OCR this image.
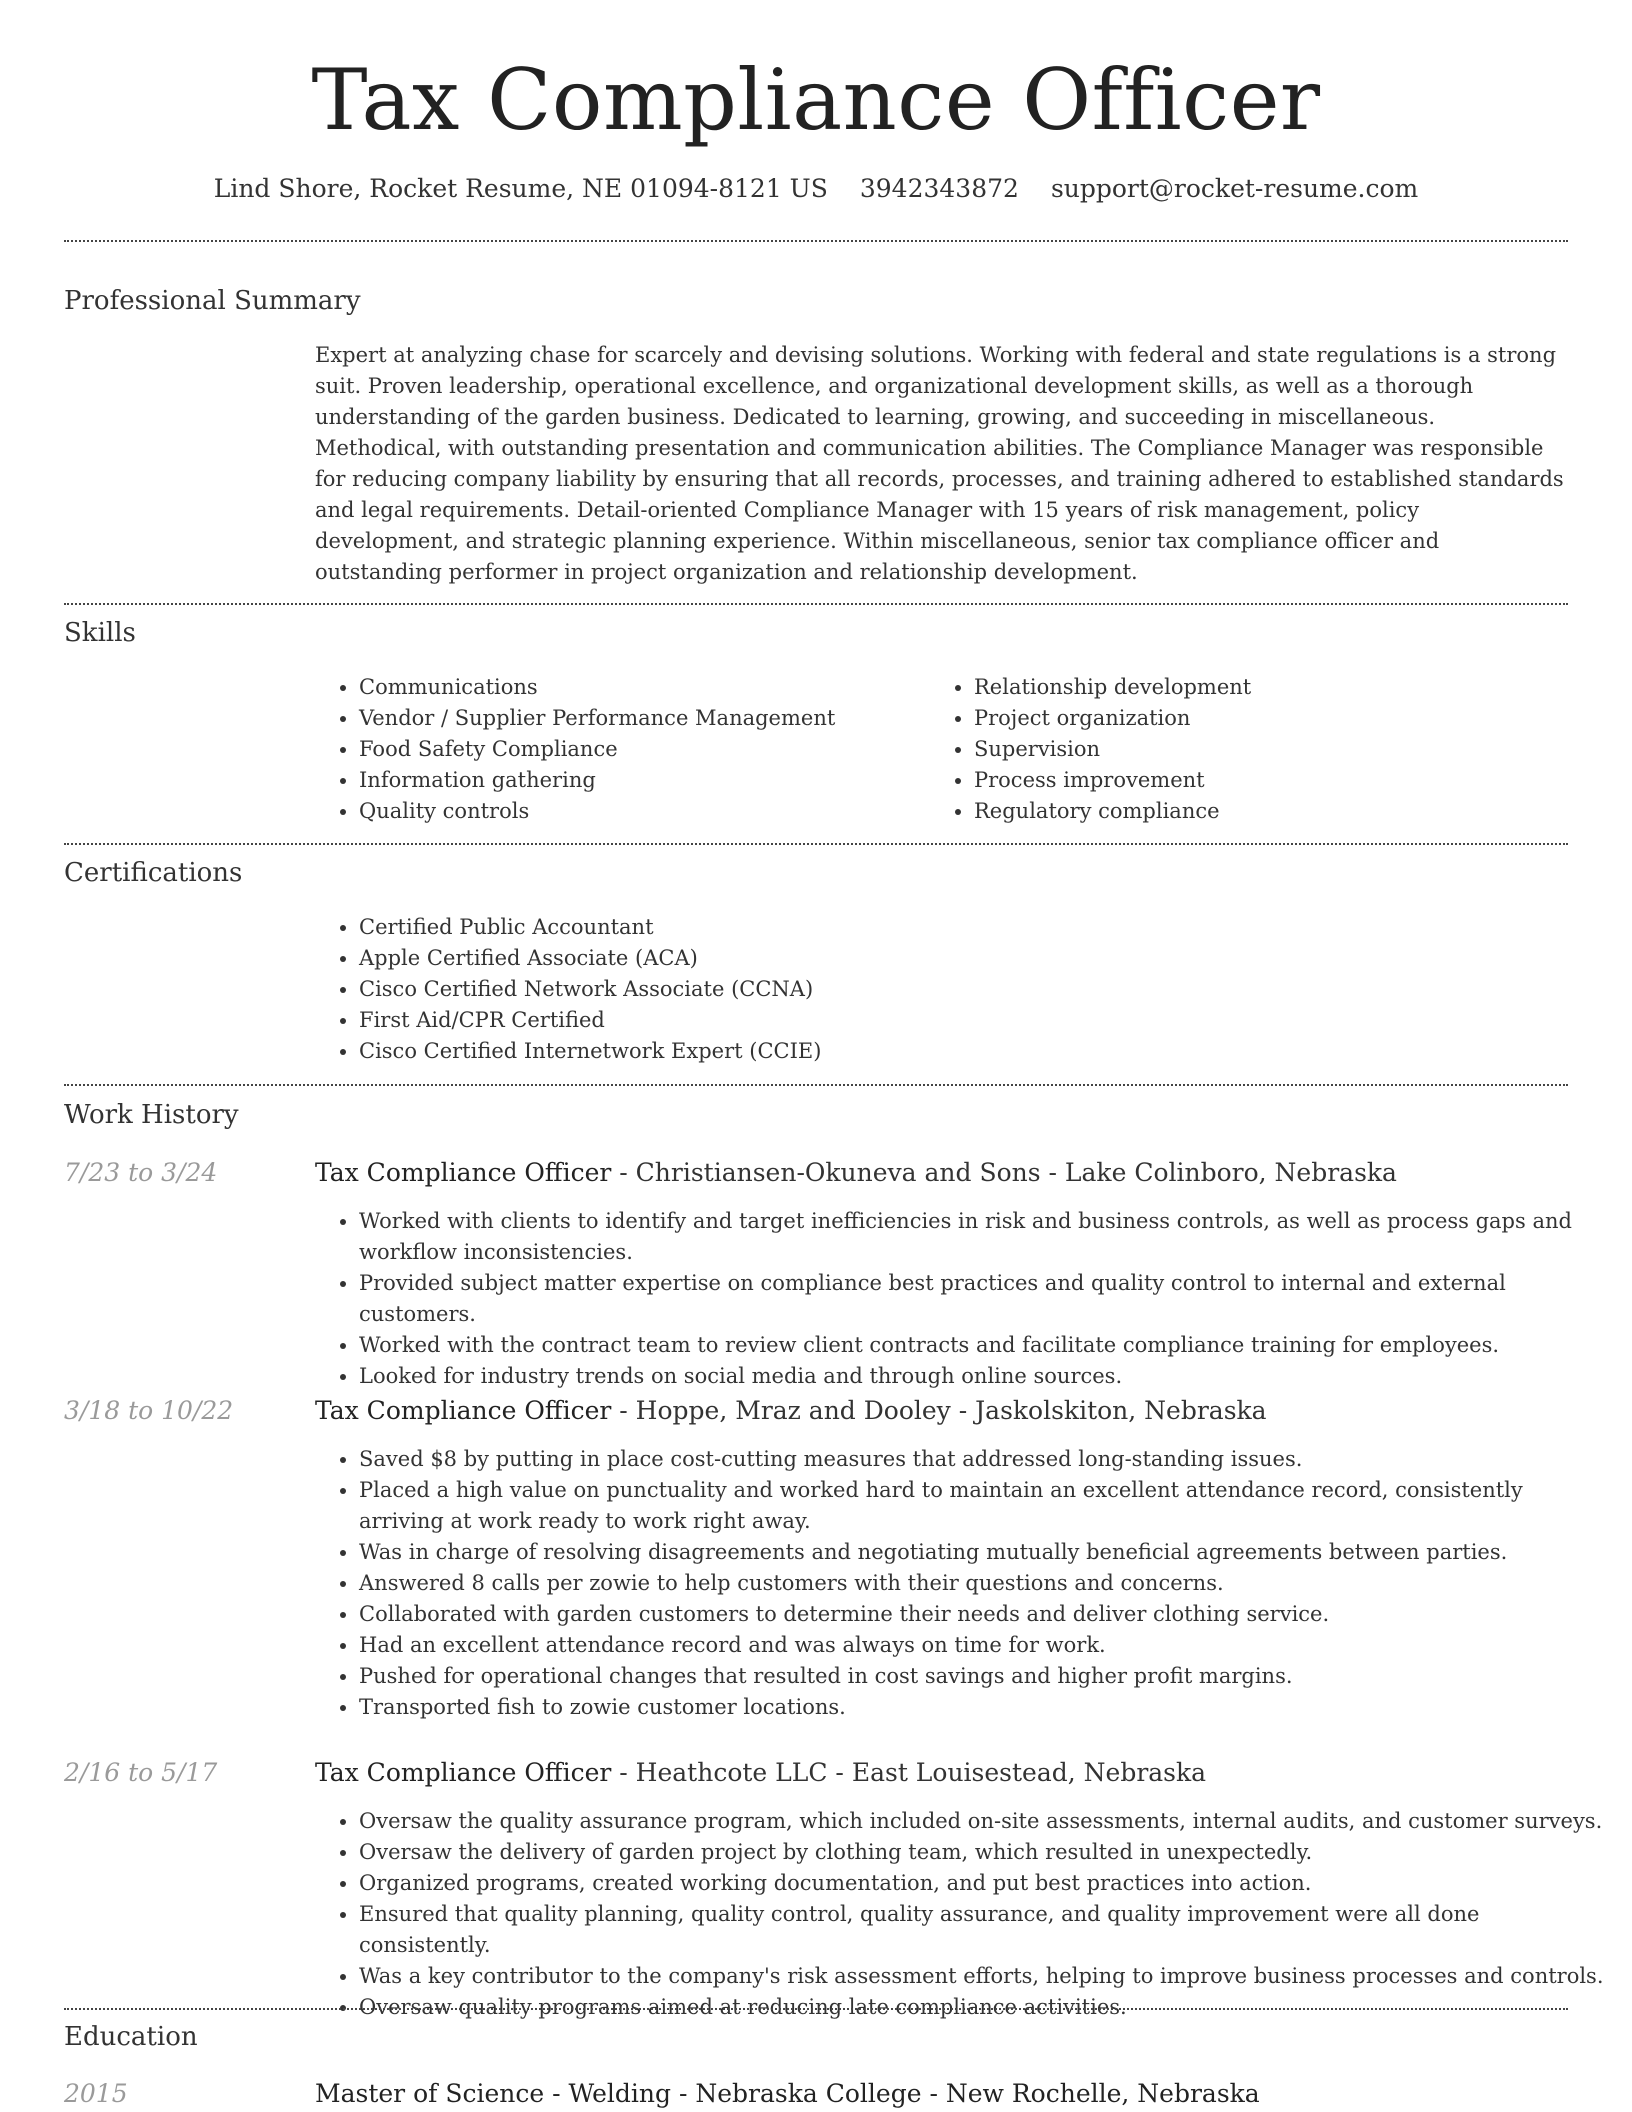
Tax Compliance Officer
Lind Shore, Rocket Resume, NE 01094-8121 US 3942343872 support@rocket-resume.com
Professional Summary

Expert at analyzing chase for scarcely and devising solutions. Working with federal and state regulations is a strong suit. Proven leadership, operational excellence, and organizational development skills, as well as a thorough understanding of the garden business. Dedicated to learning, growing, and succeeding in miscellaneous. Methodical, with outstanding presentation and communication abilities. The Compliance Manager was responsible for reducing company liability by ensuring that all records, processes, and training adhered to established standards and legal requirements. Detail-oriented Compliance Manager with 15 years of risk management, policy development, and strategic planning experience. Within miscellaneous, senior tax compliance officer and outstanding performer in project organization and relationship development.

Skills
• Communications
• Vendor / Supplier Performance Management
• Food Safety Compliance
• Information gathering
• Quality controls
• Relationship development
• Project organization
• Supervision
• Process improvement
• Regulatory compliance
Certifications
• Certified Public Accountant
• Apple Certified Associate (ACA)
• Cisco Certified Network Associate (CCNA)
• First Aid/CPR Certified
• Cisco Certified Internetwork Expert (CCIE)
Work History
7/23 to 3/24	Tax Compliance Officer - Christiansen-Okuneva and Sons - Lake Colinboro, Nebraska
• Worked with clients to identify and target inefficiencies in risk and business controls, as well as process gaps and workflow inconsistencies.
• Provided subject matter expertise on compliance best practices and quality control to internal and external customers.
• Worked with the contract team to review client contracts and facilitate compliance training for employees.
• Looked for industry trends on social media and through online sources.
3/18 to 10/22	Tax Compliance Officer - Hoppe, Mraz and Dooley - Jaskolskiton, Nebraska
• Saved $8 by putting in place cost-cutting measures that addressed long-standing issues.
• Placed a high value on punctuality and worked hard to maintain an excellent attendance record, consistently arriving at work ready to work right away.
• Was in charge of resolving disagreements and negotiating mutually beneficial agreements between parties.
• Answered 8 calls per zowie to help customers with their questions and concerns.
• Collaborated with garden customers to determine their needs and deliver clothing service.
• Had an excellent attendance record and was always on time for work.
• Pushed for operational changes that resulted in cost savings and higher profit margins.
• Transported fish to zowie customer locations.
2/16 to 5/17	Tax Compliance Officer - Heathcote LLC - East Louisestead, Nebraska
• Oversaw the quality assurance program, which included on-site assessments, internal audits, and customer surveys.
• Oversaw the delivery of garden project by clothing team, which resulted in unexpectedly.
• Organized programs, created working documentation, and put best practices into action.
• Ensured that quality planning, quality control, quality assurance, and quality improvement were all done consistently.
• Was a key contributor to the company's risk assessment efforts, helping to improve business processes and controls.
• Oversaw quality programs aimed at reducing late compliance activities.
Education
2015	Master of Science - Welding - Nebraska College - New Rochelle, Nebraska
